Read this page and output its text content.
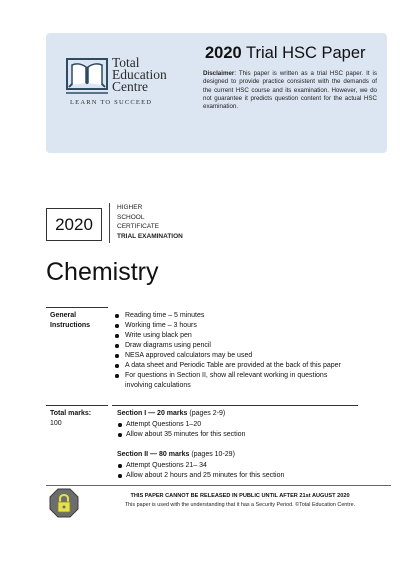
Total
Education
Centre
LEARN TO SUCCEED
2020 Trial HSC Paper
Disclaimer: This paper is written as a trial HSC paper. It is designed to provide practice consistent with the demands of the current HSC course and its examination. However, we do not guarantee it predicts question content for the actual HSC examination.
2020
HIGHER
SCHOOL
CERTIFICATE
TRIAL EXAMINATION
Chemistry
General
Instructions
Reading time – 5 minutes
Working time – 3 hours
Write using black pen
Draw diagrams using pencil
NESA approved calculators may be used
A data sheet and Periodic Table are provided at the back of this paper
For questions in Section II, show all relevant working in questions involving calculations
Total marks:
100
Section I — 20 marks (pages 2-9)
Attempt Questions 1–20
Allow about 35 minutes for this section
Section II — 80 marks (pages 10-29)
Attempt Questions 21– 34
Allow about 2 hours and 25 minutes for this section
THIS PAPER CANNOT BE RELEASED IN PUBLIC UNTIL AFTER 21st AUGUST 2020
This paper is used with the understanding that it has a Security Period. ©Total Education Centre.
